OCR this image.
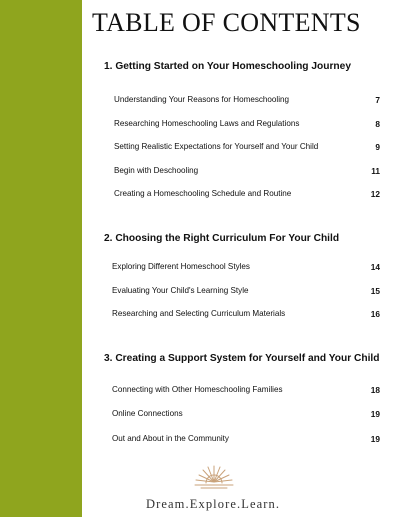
TABLE OF CONTENTS
1. Getting Started on Your Homeschooling Journey
Understanding Your Reasons for Homeschooling	7
Researching Homeschooling Laws and Regulations	8
Setting Realistic Expectations for Yourself and Your Child	9
Begin with Deschooling	11
Creating a Homeschooling Schedule and Routine	12
2. Choosing the Right Curriculum For Your Child
Exploring Different Homeschool Styles	14
Evaluating Your Child's Learning Style	15
Researching and Selecting Curriculum Materials	16
3. Creating a Support System for Yourself and Your Child
Connecting with Other Homeschooling Families	18
Online Connections	19
Out and About in the Community	19
Dream.Explore.Learn.
